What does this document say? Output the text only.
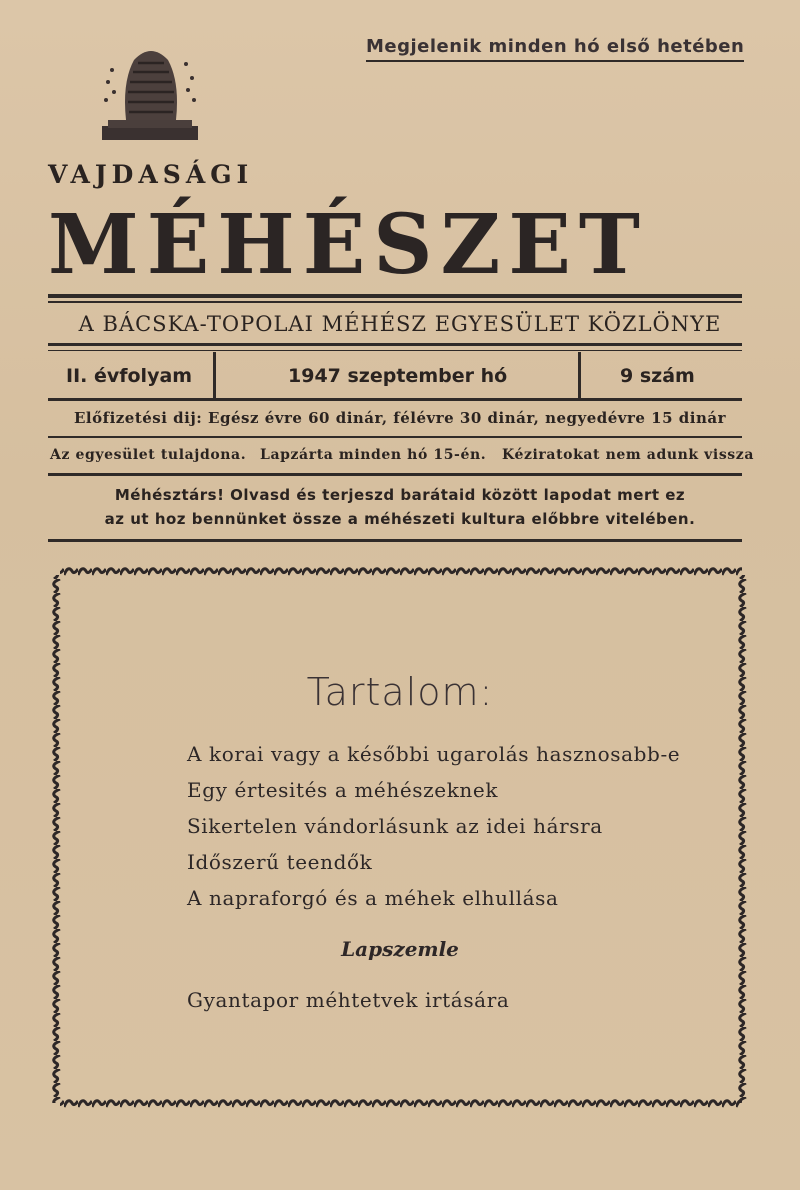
Megjelenik minden hó első hetében
VAJDASÁGI
MÉHÉSZET
A BÁCSKA-TOPOLAI MÉHÉSZ EGYESÜLET KÖZLÖNYE
II. évfolyam	1947 szeptember hó	9 szám
Előfizetési dij: Egész évre 60 dinár, félévre 30 dinár, negyedévre 15 dinár
Az egyesület tulajdona. Lapzárta minden hó 15-én. Kéziratokat nem adunk vissza
Méhésztárs! Olvasd és terjeszd barátaid között lapodat mert ez
az ut hoz bennünket össze a méhészeti kultura előbbre vitelében.
Tartalom:
A korai vagy a későbbi ugarolás hasznosabb-e
Egy értesités a méhészeknek
Sikertelen vándorlásunk az idei hársra
Időszerű teendők
A napraforgó és a méhek elhullása
Lapszemle
Gyantapor méhtetvek irtására
